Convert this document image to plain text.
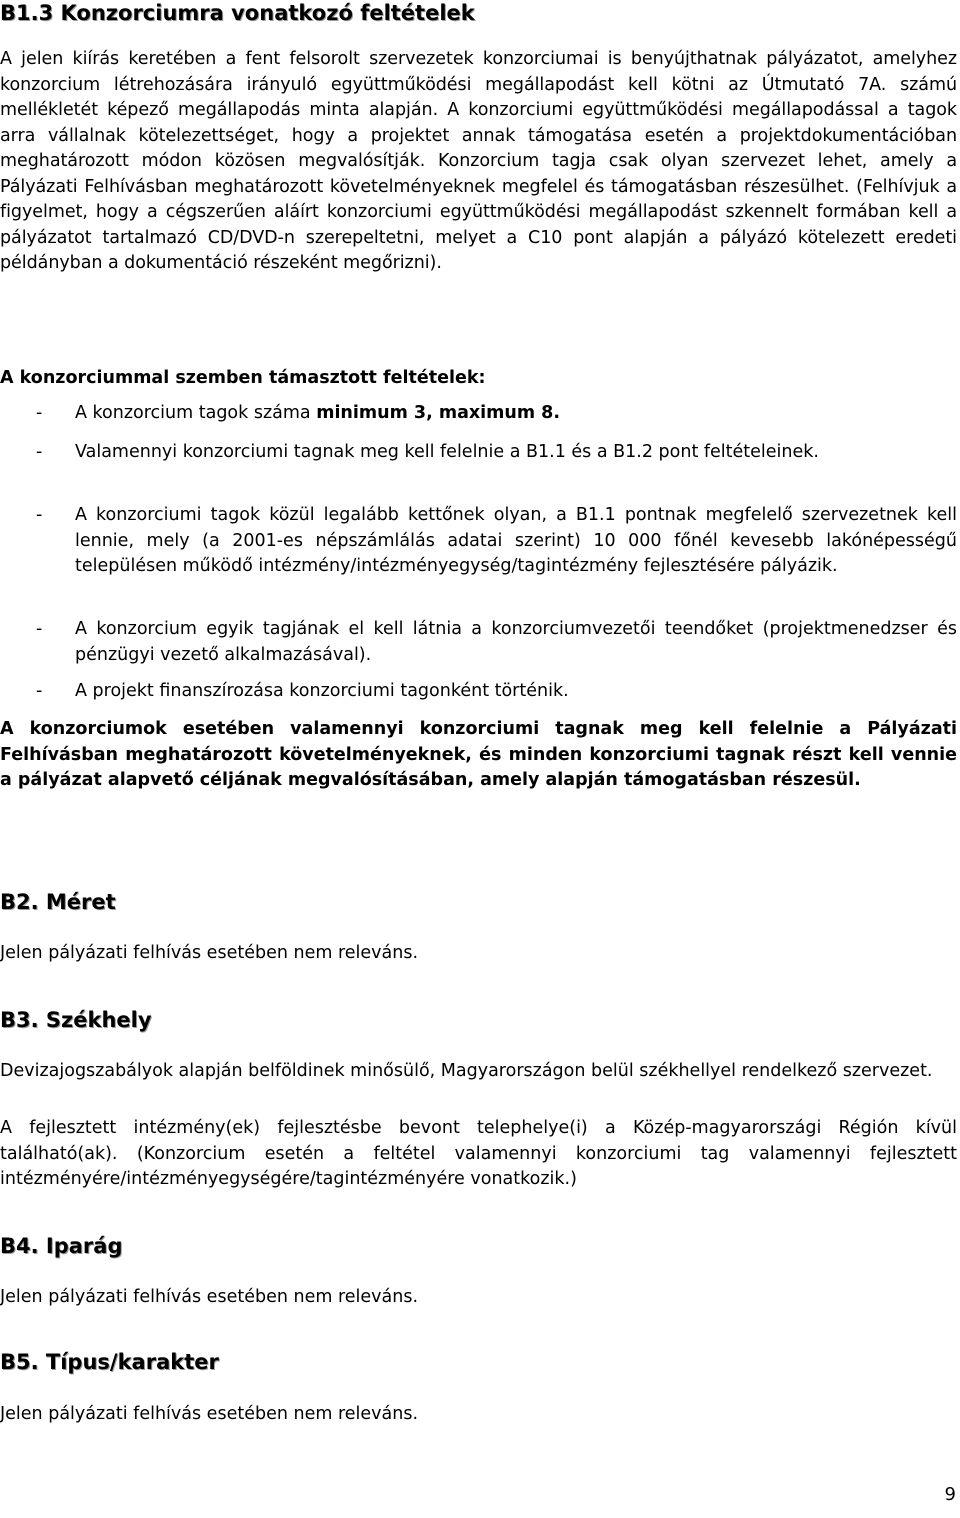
B1.3 Konzorciumra vonatkozó feltételek

A jelen kiírás keretében a fent felsorolt szervezetek konzorciumai is benyújthatnak pályázatot, amelyhez konzorcium létrehozására irányuló együttműködési megállapodást kell kötni az Útmutató 7A. számú mellékletét képező megállapodás minta alapján. A konzorciumi együttműködési megállapodással a tagok arra vállalnak kötelezettséget, hogy a projektet annak támogatása esetén a projektdokumentációban meghatározott módon közösen megvalósítják. Konzorcium tagja csak olyan szervezet lehet, amely a Pályázati Felhívásban meghatározott követelményeknek megfelel és támogatásban részesülhet. (Felhívjuk a figyelmet, hogy a cégszerűen aláírt konzorciumi együttműködési megállapodást szkennelt formában kell a pályázatot tartalmazó CD/DVD-n szerepeltetni, melyet a C10 pont alapján a pályázó kötelezett eredeti példányban a dokumentáció részeként megőrizni).

A konzorciummal szemben támasztott feltételek:

- A konzorcium tagok száma minimum 3, maximum 8.

- Valamennyi konzorciumi tagnak meg kell felelnie a B1.1 és a B1.2 pont feltételeinek.

- A konzorciumi tagok közül legalább kettőnek olyan, a B1.1 pontnak megfelelő szervezetnek kell lennie, mely (a 2001-es népszámlálás adatai szerint) 10 000 főnél kevesebb lakónépességű településen működő intézmény/intézményegység/tagintézmény fejlesztésére pályázik.

- A konzorcium egyik tagjának el kell látnia a konzorciumvezetői teendőket (projektmenedzser és pénzügyi vezető alkalmazásával).

- A projekt finanszírozása konzorciumi tagonként történik.

A konzorciumok esetében valamennyi konzorciumi tagnak meg kell felelnie a Pályázati Felhívásban meghatározott követelményeknek, és minden konzorciumi tagnak részt kell vennie a pályázat alapvető céljának megvalósításában, amely alapján támogatásban részesül.

B2. Méret

Jelen pályázati felhívás esetében nem releváns.

B3. Székhely

Devizajogszabályok alapján belföldinek minősülő, Magyarországon belül székhellyel rendelkező szervezet.

A fejlesztett intézmény(ek) fejlesztésbe bevont telephelye(i) a Közép-magyarországi Régión kívül található(ak). (Konzorcium esetén a feltétel valamennyi konzorciumi tag valamennyi fejlesztett intézményére/intézményegységére/tagintézményére vonatkozik.)

B4. Iparág

Jelen pályázati felhívás esetében nem releváns.

B5. Típus/karakter

Jelen pályázati felhívás esetében nem releváns.

9
